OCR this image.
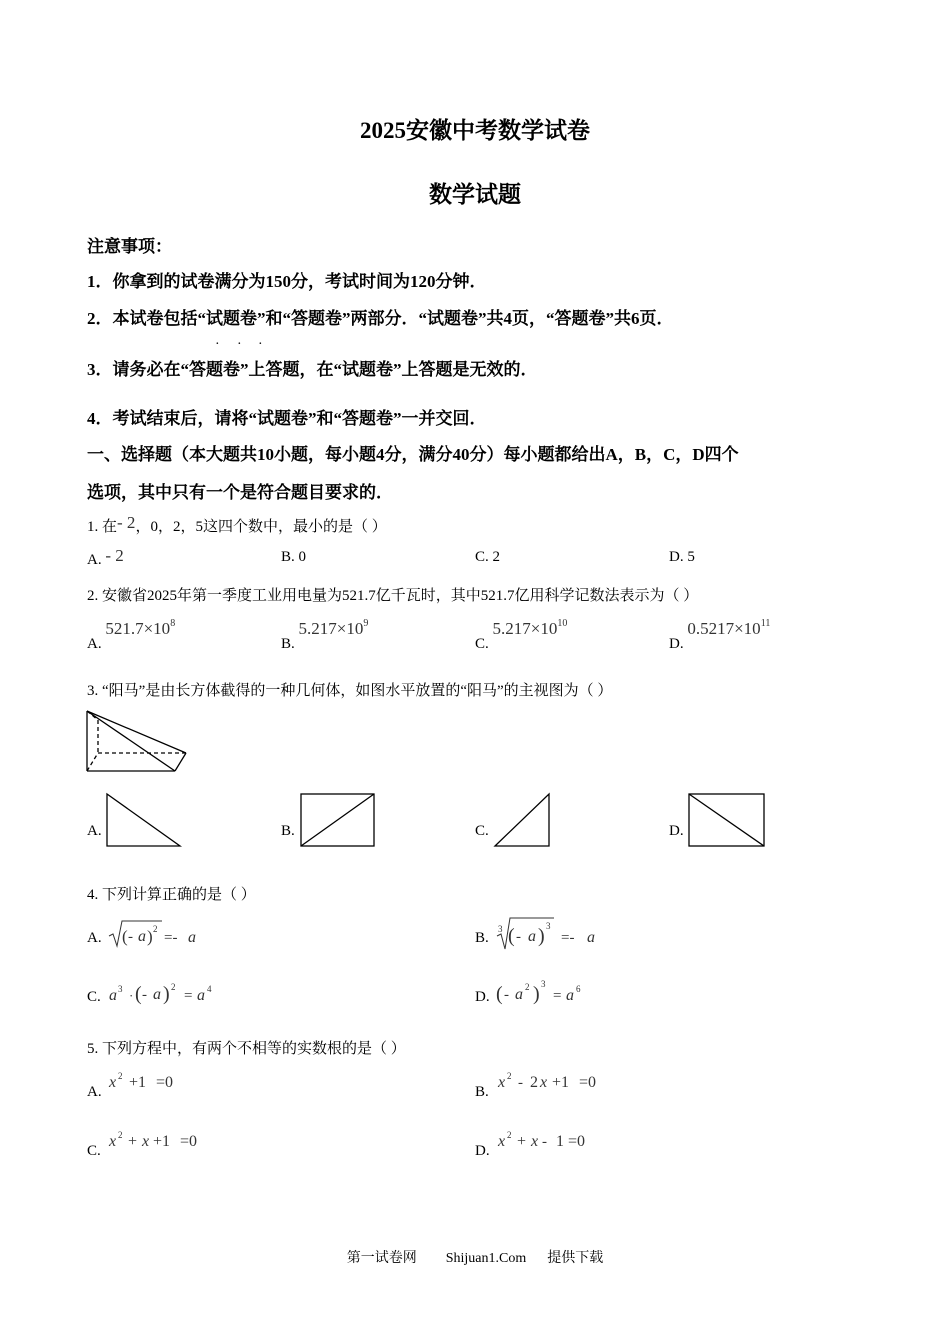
2025安徽中考数学试卷
数学试题
注意事项：
1．你拿到的试卷满分为150分，考试时间为120分钟．
2．本试卷包括“试题卷”和“答题卷”两部分．“试题卷”共4页，“答题卷”共6页．
· · ·
3．请务必在“答题卷”上答题，在“试题卷”上答题是无效的．
4．考试结束后，请将“试题卷”和“答题卷”一并交回．
一、选择题（本大题共10小题，每小题4分，满分40分）每小题都给出A，B，C，D四个
选项，其中只有一个是符合题目要求的．
1. 在- 2，0，2，5这四个数中，最小的是（ ）
A. - 2	B. 0	C. 2	D. 5
2. 安徽省2025年第一季度工业用电量为521.7亿千瓦时，其中521.7亿用科学记数法表示为（ ）
A. $521.7\times 10^8$
B. $5.217\times 10^9$
C. $5.217\times 10^{10}$
D. $0.5217\times 10^{11}$
3. “阳马”是由长方体截得的一种几何体，如图水平放置的“阳马”的主视图为（ ）
A.	B.	C.	D.
4. 下列计算正确的是（ ）
A. ( - a ) 2
=- a	B.
3 ( - a ) 3
=- a
C. a 3 · ( - a ) 2
= a 4	D. ( - a 2 ) 3
= a 6
5. 下列方程中，有两个不相等的实数根的是（ ）
A.
x 2 +1 =0
B.
x 2 - 2 x +1 =0
C.
x 2 + x +1 =0
D.
x 2 + x - 1 =0
第一试卷网 Shijuan1.Com 提供下载
